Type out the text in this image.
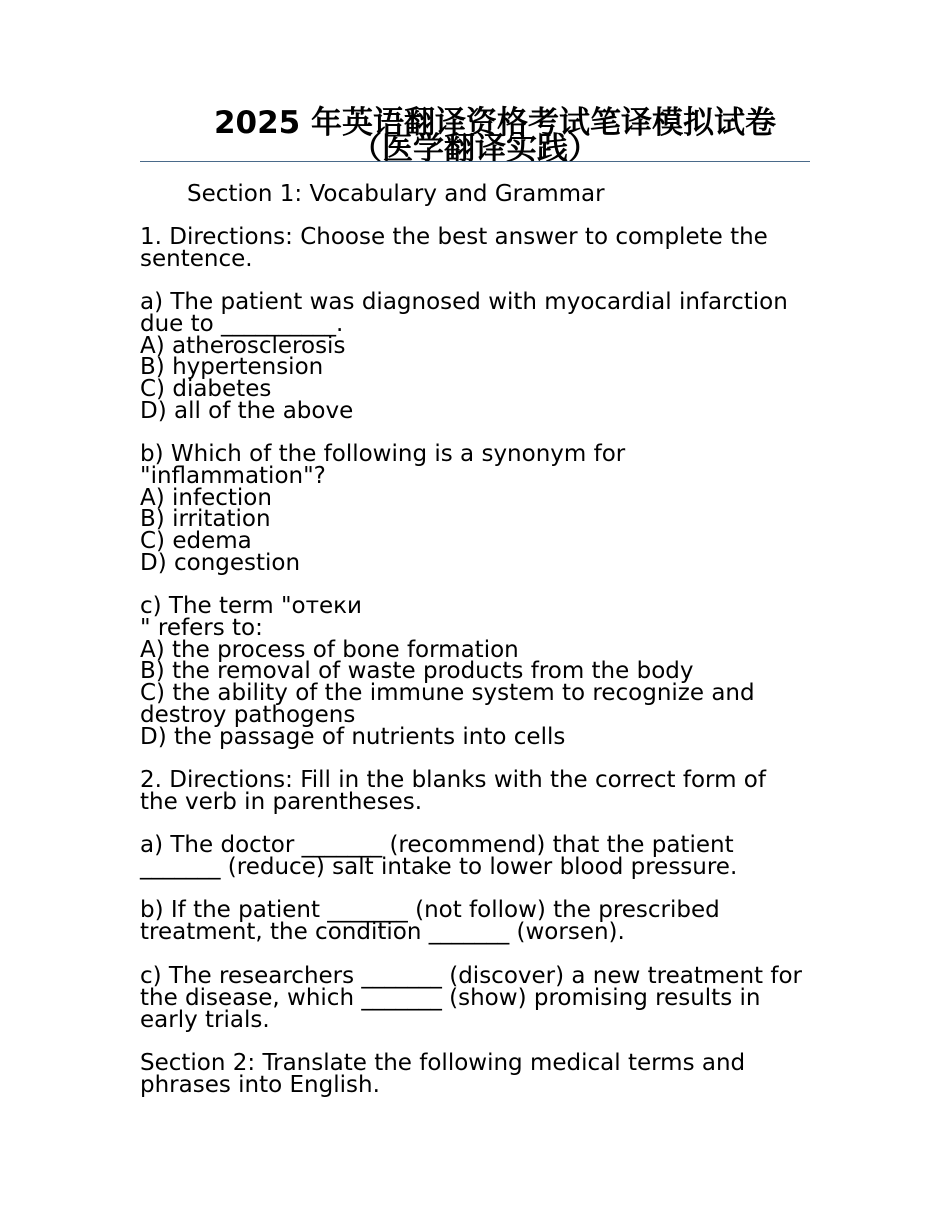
2025 年英语翻译资格考试笔译模拟试卷
（医学翻译实践）
Section 1: Vocabulary and Grammar

1. Directions: Choose the best answer to complete the

sentence.

a) The patient was diagnosed with myocardial infarction

due to __________.

A) atherosclerosis

B) hypertension

C) diabetes

D) all of the above

b) Which of the following is a synonym for

"inflammation"?

A) infection

B) irritation

C) edema

D) congestion

c) The term "отеки

" refers to:

A) the process of bone formation

B) the removal of waste products from the body

C) the ability of the immune system to recognize and

destroy pathogens

D) the passage of nutrients into cells

2. Directions: Fill in the blanks with the correct form of

the verb in parentheses.

a) The doctor _______ (recommend) that the patient

_______ (reduce) salt intake to lower blood pressure.

b) If the patient _______ (not follow) the prescribed

treatment, the condition _______ (worsen).

c) The researchers _______ (discover) a new treatment for

the disease, which _______ (show) promising results in

early trials.

Section 2: Translate the following medical terms and

phrases into English.
